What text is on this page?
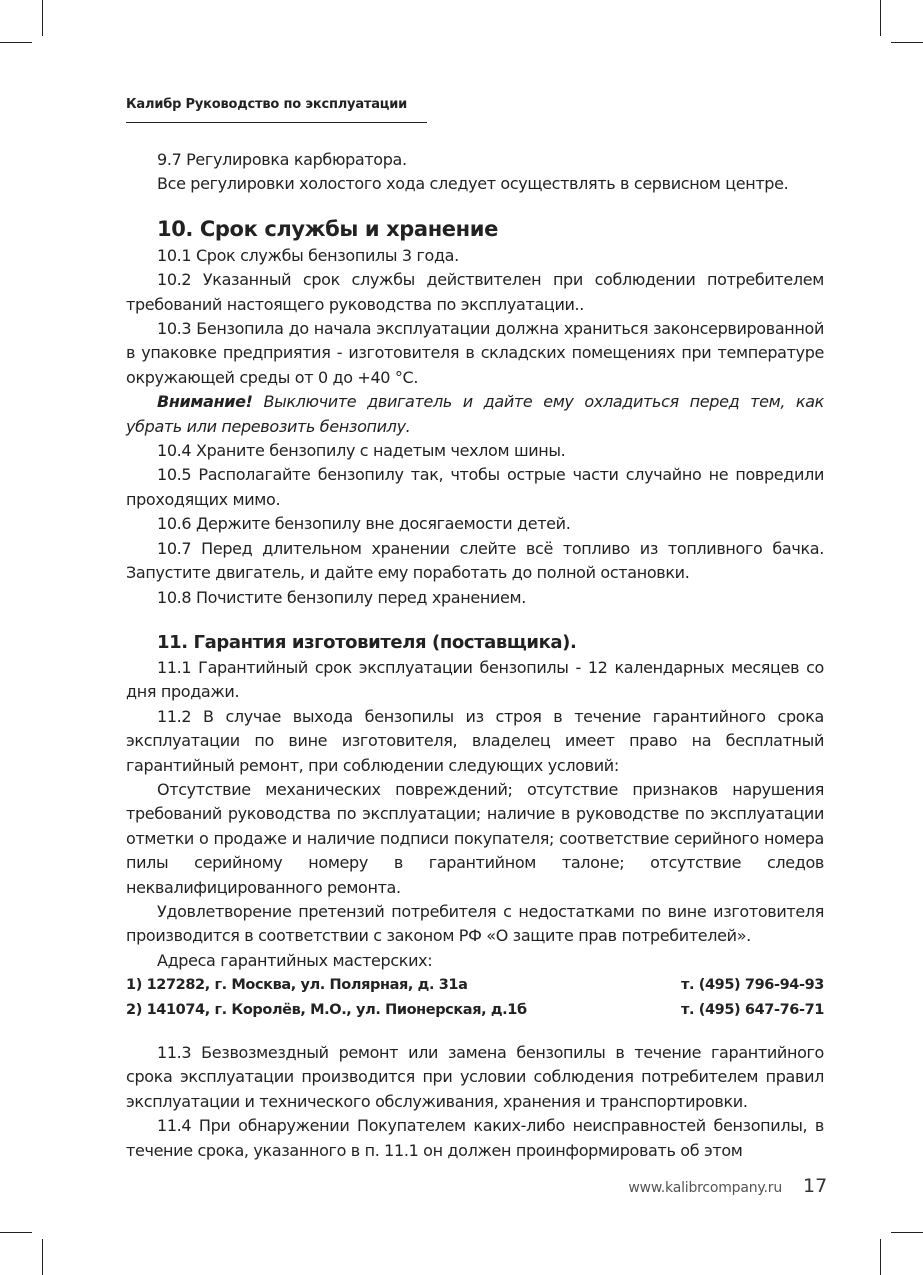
Калибр Руководство по эксплуатации

9.7 Регулировка карбюратора.

Все регулировки холостого хода следует осуществлять в сервисном центре.

10. Срок службы и хранение

10.1 Срок службы бензопилы 3 года.

10.2 Указанный срок службы действителен при соблюдении потребителем требований настоящего руководства по эксплуатации..

10.3 Бензопила до начала эксплуатации должна храниться законсервированной в упаковке предприятия - изготовителя в складских помещениях при температуре окружающей среды от 0 до +40 °С.

Внимание! Выключите двигатель и дайте ему охладиться перед тем, как убрать или перевозить бензопилу.

10.4 Храните бензопилу с надетым чехлом шины.

10.5 Располагайте бензопилу так, чтобы острые части случайно не повредили проходящих мимо.

10.6 Держите бензопилу вне досягаемости детей.

10.7 Перед длительном хранении слейте всё топливо из топливного бачка. Запустите двигатель, и дайте ему поработать до полной остановки.

10.8 Почистите бензопилу перед хранением.

11. Гарантия изготовителя (поставщика).

11.1 Гарантийный срок эксплуатации бензопилы - 12 календарных месяцев со дня продажи.

11.2 В случае выхода бензопилы из строя в течение гарантийного срока эксплуатации по вине изготовителя, владелец имеет право на бесплатный гарантийный ремонт, при соблюдении следующих условий:

Отсутствие механических повреждений; отсутствие признаков нарушения требований руководства по эксплуатации; наличие в руководстве по эксплуатации отметки о продаже и наличие подписи покупателя; соответствие серийного номера пилы серийному номеру в гарантийном талоне; отсутствие следов неквалифицированного ремонта.

Удовлетворение претензий потребителя с недостатками по вине изготовителя производится в соответствии с законом РФ «О защите прав потребителей».

Адреса гарантийных мастерских:

1) 127282, г. Москва, ул. Полярная, д. 31а	т. (495) 796-94-93
2) 141074, г. Королёв, М.О., ул. Пионерская, д.1б	т. (495) 647-76-71

11.3 Безвозмездный ремонт или замена бензопилы в течение гарантийного срока эксплуатации производится при условии соблюдения потребителем правил эксплуатации и технического обслуживания, хранения и транспортировки.

11.4 При обнаружении Покупателем каких-либо неисправностей бензопилы, в течение срока, указанного в п. 11.1 он должен проинформировать об этом

www.kalibrcompany.ru 17
